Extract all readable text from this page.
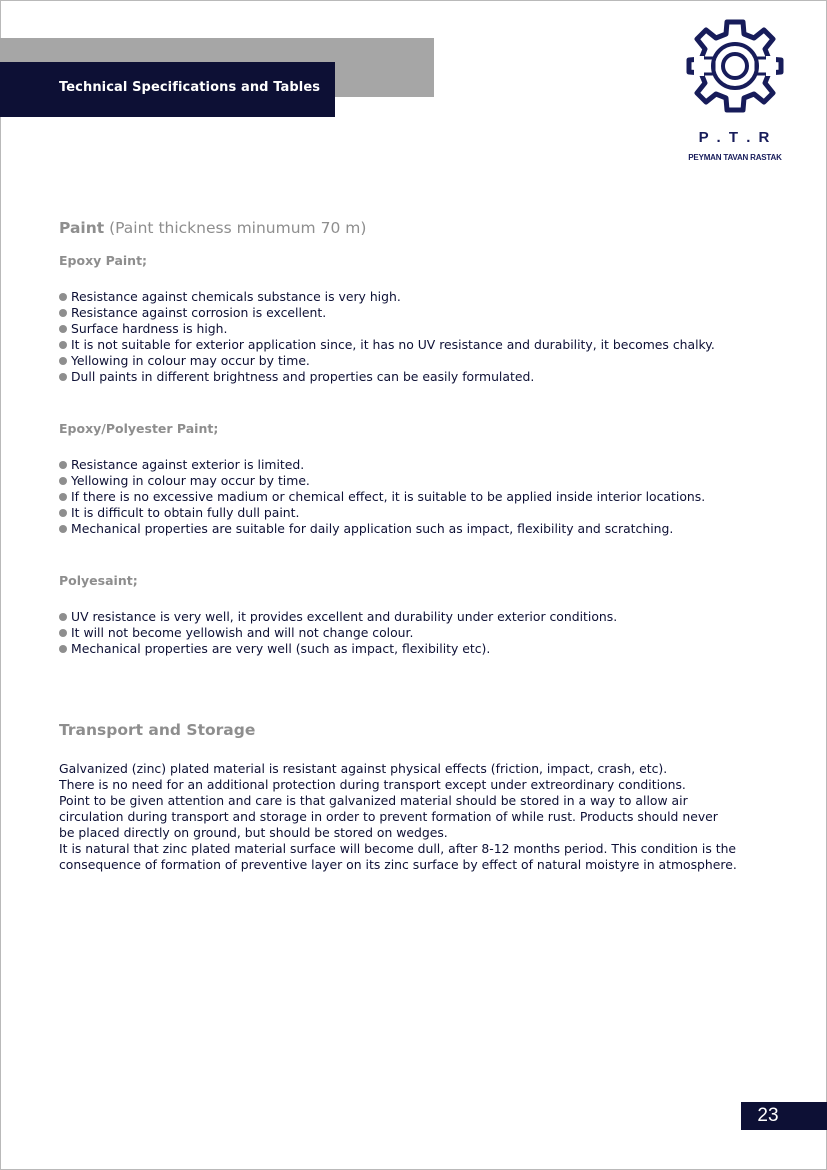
Technical Specifications and Tables
P . T . R
PEYMAN TAVAN RASTAK
Paint (Paint thickness minumum 70 m)
Epoxy Paint;
Resistance against chemicals substance is very high.
Resistance against corrosion is excellent.
Surface hardness is high.
It is not suitable for exterior application since, it has no UV resistance and durability, it becomes chalky.
Yellowing in colour may occur by time.
Dull paints in different brightness and properties can be easily formulated.
Epoxy/Polyester Paint;
Resistance against exterior is limited.
Yellowing in colour may occur by time.
If there is no excessive madium or chemical effect, it is suitable to be applied inside interior locations.
It is difficult to obtain fully dull paint.
Mechanical properties are suitable for daily application such as impact, flexibility and scratching.
Polyesaint;
UV resistance is very well, it provides excellent and durability under exterior conditions.
It will not become yellowish and will not change colour.
Mechanical properties are very well (such as impact, flexibility etc).
Transport and Storage
Galvanized (zinc) plated material is resistant against physical effects (friction, impact, crash, etc).
There is no need for an additional protection during transport except under extreordinary conditions.
Point to be given attention and care is that galvanized material should be stored in a way to allow air
circulation during transport and storage in order to prevent formation of while rust. Products should never
be placed directly on ground, but should be stored on wedges.
It is natural that zinc plated material surface will become dull, after 8-12 months period. This condition is the
consequence of formation of preventive layer on its zinc surface by effect of natural moistyre in atmosphere.
23
